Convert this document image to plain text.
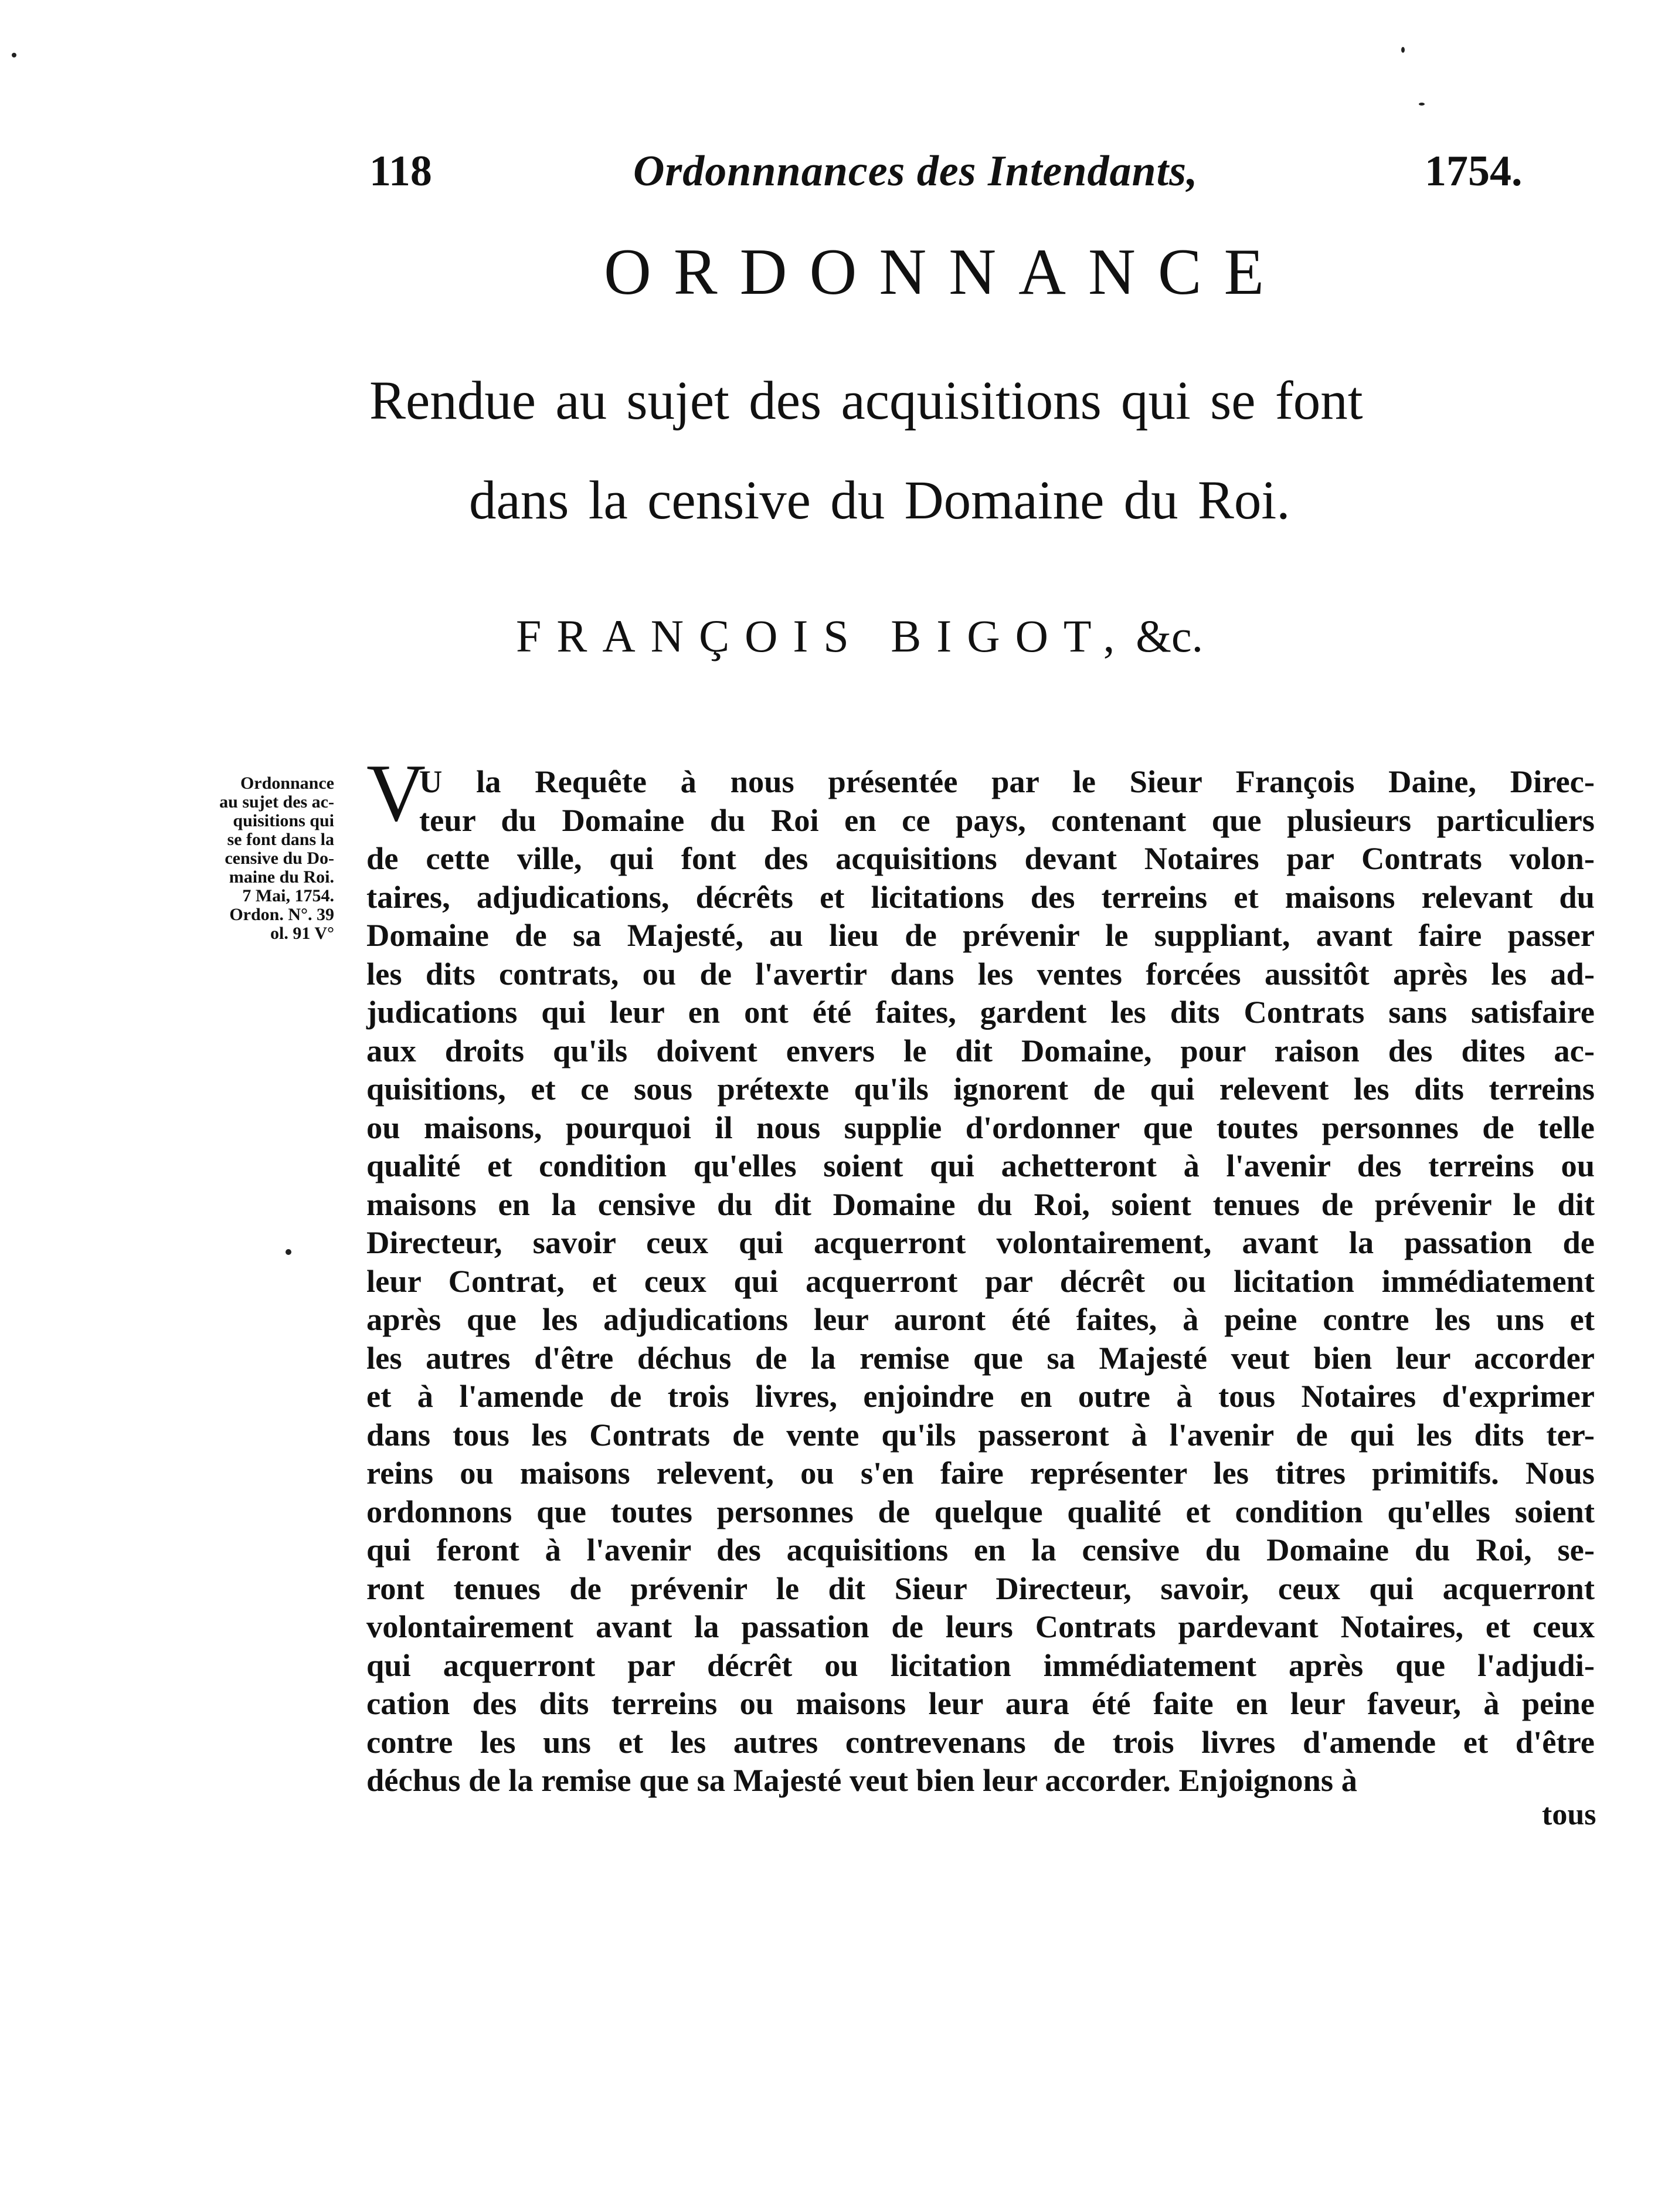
118	Ordonnnances des Intendants,	1754.
ORDONNANCE
Rendue au sujet des acquisitions qui se font
dans la censive du Domaine du Roi.
FRANÇOIS BIGOT, &c.
Ordonnance
au sujet des ac-
quisitions qui
se font dans la
censive du Do-
maine du Roi.
7 Mai, 1754.
Ordon. N°. 39
ol. 91 V°
V
U la Requête à nous présentée par le Sieur François Daine, Direc-
teur du Domaine du Roi en ce pays, contenant que plusieurs particuliers
de cette ville, qui font des acquisitions devant Notaires par Contrats volon-
taires, adjudications, décrêts et licitations des terreins et maisons relevant du
Domaine de sa Majesté, au lieu de prévenir le suppliant, avant faire passer
les dits contrats, ou de l'avertir dans les ventes forcées aussitôt après les ad-
judications qui leur en ont été faites, gardent les dits Contrats sans satisfaire
aux droits qu'ils doivent envers le dit Domaine, pour raison des dites ac-
quisitions, et ce sous prétexte qu'ils ignorent de qui relevent les dits terreins
ou maisons, pourquoi il nous supplie d'ordonner que toutes personnes de telle
qualité et condition qu'elles soient qui achetteront à l'avenir des terreins ou
maisons en la censive du dit Domaine du Roi, soient tenues de prévenir le dit
Directeur, savoir ceux qui acquerront volontairement, avant la passation de
leur Contrat, et ceux qui acquerront par décrêt ou licitation immédiatement
après que les adjudications leur auront été faites, à peine contre les uns et
les autres d'être déchus de la remise que sa Majesté veut bien leur accorder
et à l'amende de trois livres, enjoindre en outre à tous Notaires d'exprimer
dans tous les Contrats de vente qu'ils passeront à l'avenir de qui les dits ter-
reins ou maisons relevent, ou s'en faire représenter les titres primitifs. Nous
ordonnons que toutes personnes de quelque qualité et condition qu'elles soient
qui feront à l'avenir des acquisitions en la censive du Domaine du Roi, se-
ront tenues de prévenir le dit Sieur Directeur, savoir, ceux qui acquerront
volontairement avant la passation de leurs Contrats pardevant Notaires, et ceux
qui acquerront par décrêt ou licitation immédiatement après que l'adjudi-
cation des dits terreins ou maisons leur aura été faite en leur faveur, à peine
contre les uns et les autres contrevenans de trois livres d'amende et d'être
déchus de la remise que sa Majesté veut bien leur accorder. Enjoignons à
tous
